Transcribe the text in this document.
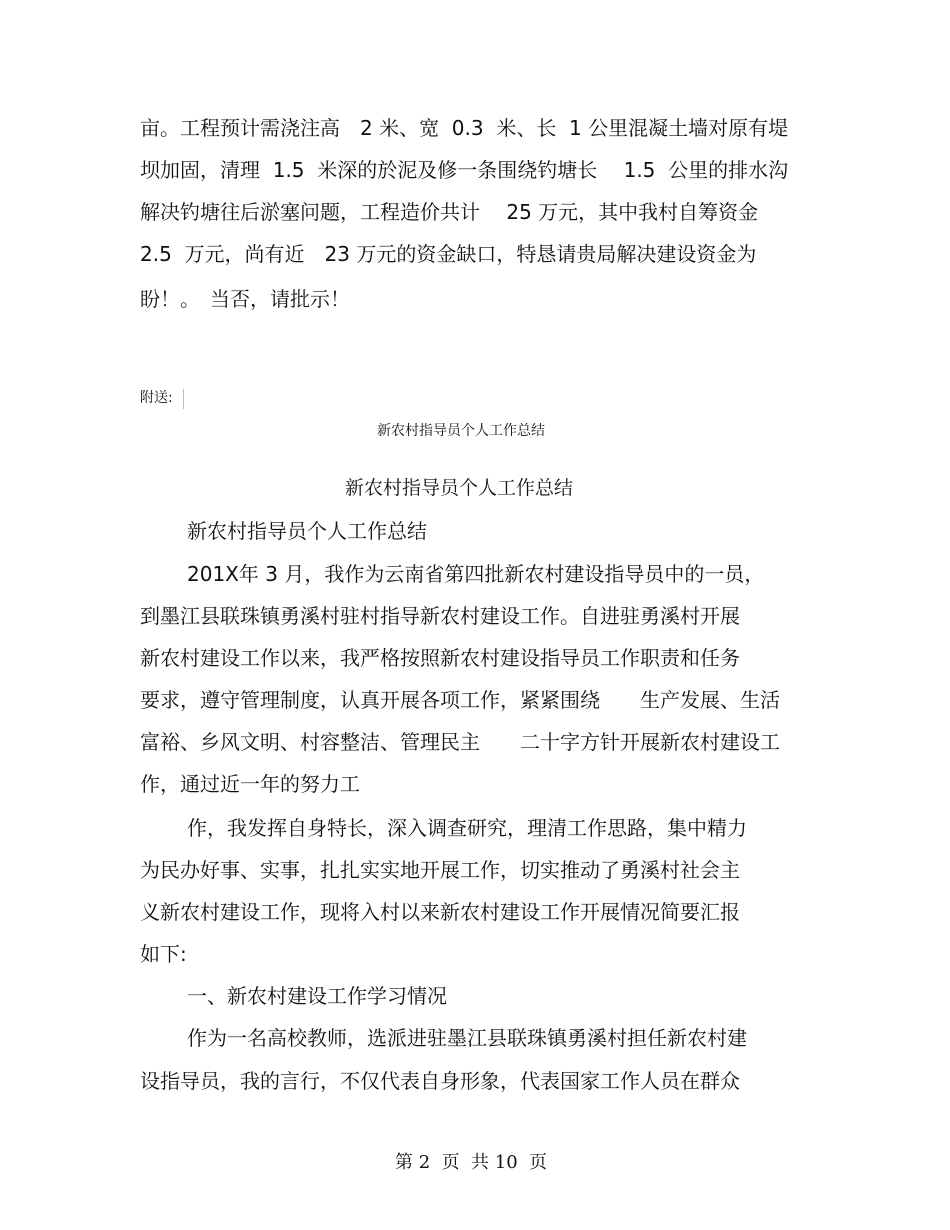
亩。工程预计需浇注高　2 米、宽  0.3  米、长  1 公里混凝土墙对原有堤
坝加固，清理  1.5  米深的於泥及修一条围绕钓塘长　 1.5  公里的排水沟
解决钓塘往后淤塞问题，工程造价共计　 25 万元，其中我村自筹资金
2.5  万元，尚有近　23 万元的资金缺口，特恳请贵局解决建设资金为
盼！。　当否，请批示！
附送:
新农村指导员个人工作总结
新农村指导员个人工作总结
新农村指导员个人工作总结
201X年 3 月，我作为云南省第四批新农村建设指导员中的一员，
到墨江县联珠镇勇溪村驻村指导新农村建设工作。自进驻勇溪村开展
新农村建设工作以来，我严格按照新农村建设指导员工作职责和任务
要求，遵守管理制度，认真开展各项工作，紧紧围绕　　生产发展、生活
富裕、乡风文明、村容整洁、管理民主　　二十字方针开展新农村建设工
作，通过近一年的努力工
作，我发挥自身特长，深入调查研究，理清工作思路，集中精力
为民办好事、实事，扎扎实实地开展工作，切实推动了勇溪村社会主
义新农村建设工作，现将入村以来新农村建设工作开展情况简要汇报
如下:
一、新农村建设工作学习情况
作为一名高校教师，选派进驻墨江县联珠镇勇溪村担任新农村建
设指导员，我的言行，不仅代表自身形象，代表国家工作人员在群众
第 2  页  共 10  页
